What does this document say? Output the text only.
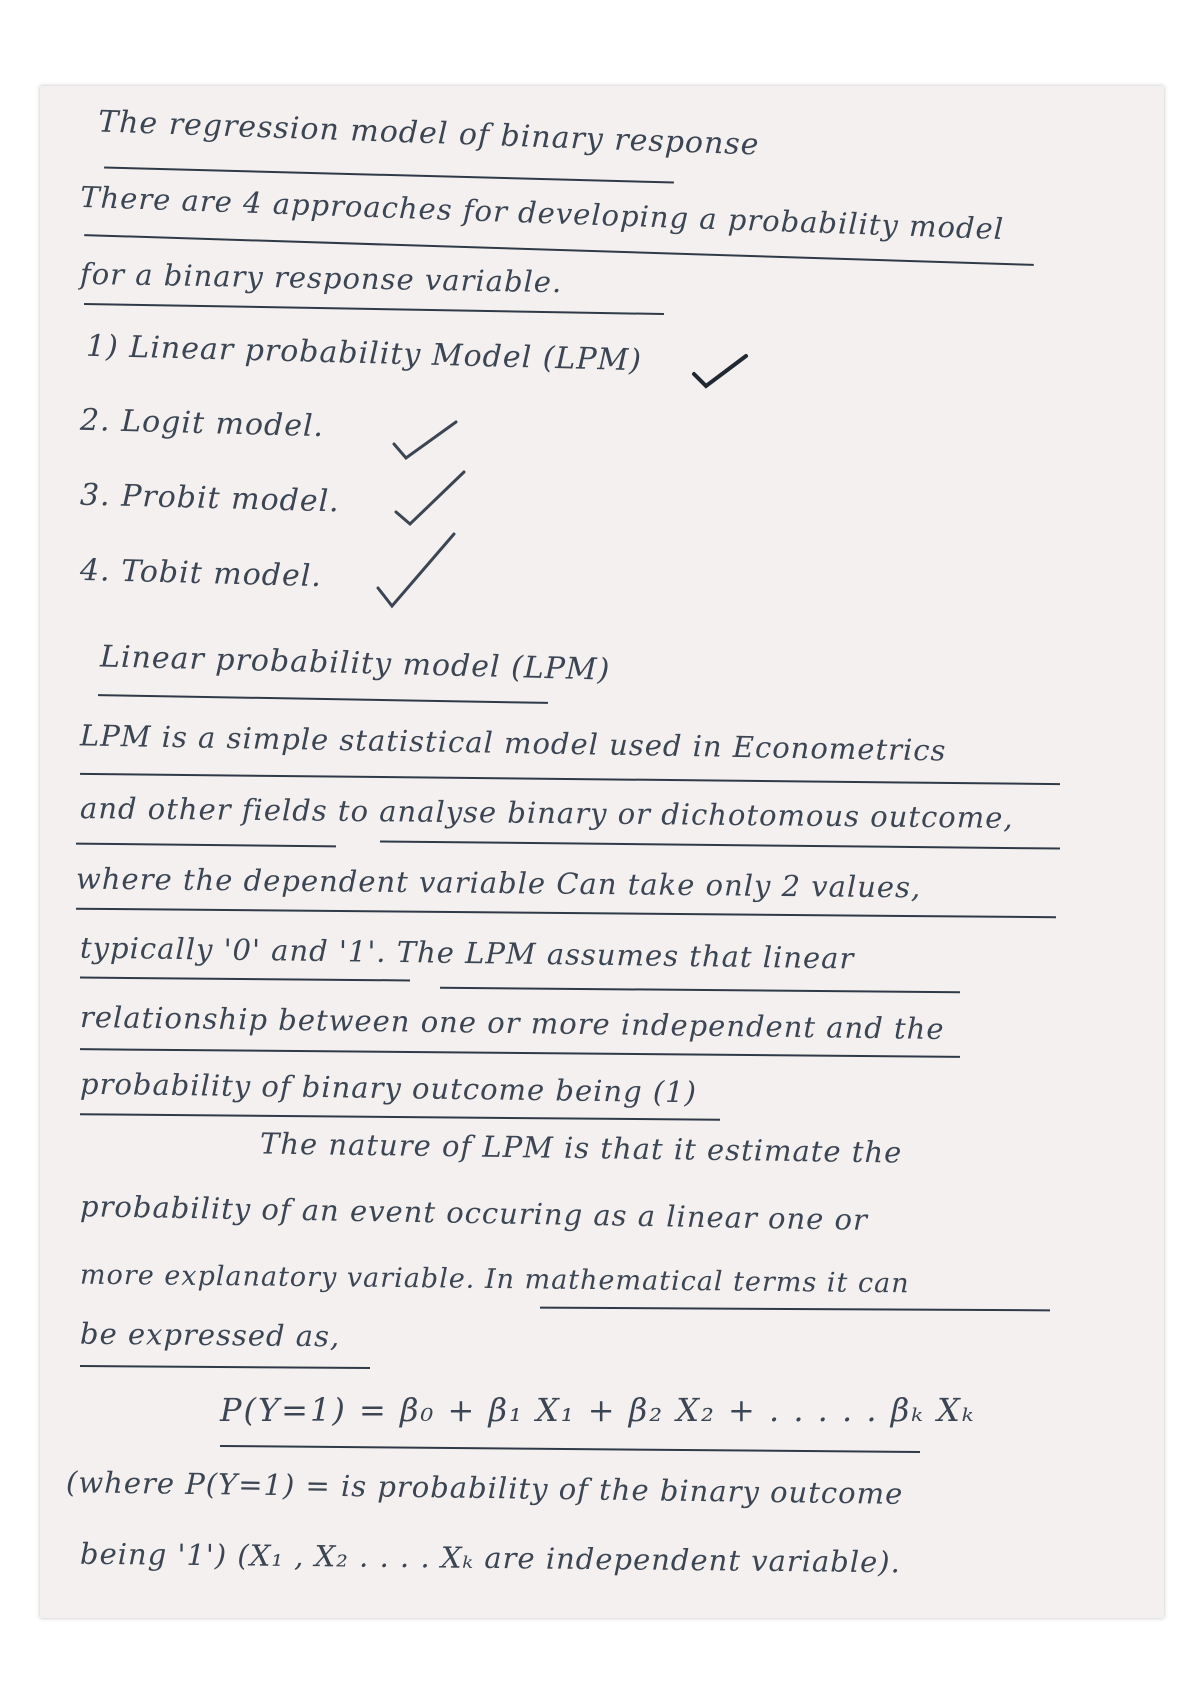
The regression model of binary response
There are 4 approaches for developing a probability model
for a binary response variable.
1) Linear probability Model (LPM)
2. Logit model.
3. Probit model.
4. Tobit model.
Linear probability model (LPM)
LPM is a simple statistical model used in Econometrics
and other fields to analyse binary or dichotomous outcome,
where the dependent variable Can take only 2 values,
typically '0' and '1'. The LPM assumes that linear
relationship between one or more independent and the
probability of binary outcome being (1)
The nature of LPM is that it estimate the
probability of an event occuring as a linear one or
more explanatory variable. In mathematical terms it can
be expressed as,
P(Y=1) = β₀ + β₁ X₁ + β₂ X₂ + . . . . . βₖ Xₖ
(where P(Y=1) = is probability of the binary outcome
being '1') (X₁ , X₂ . . . . Xₖ are independent variable).
